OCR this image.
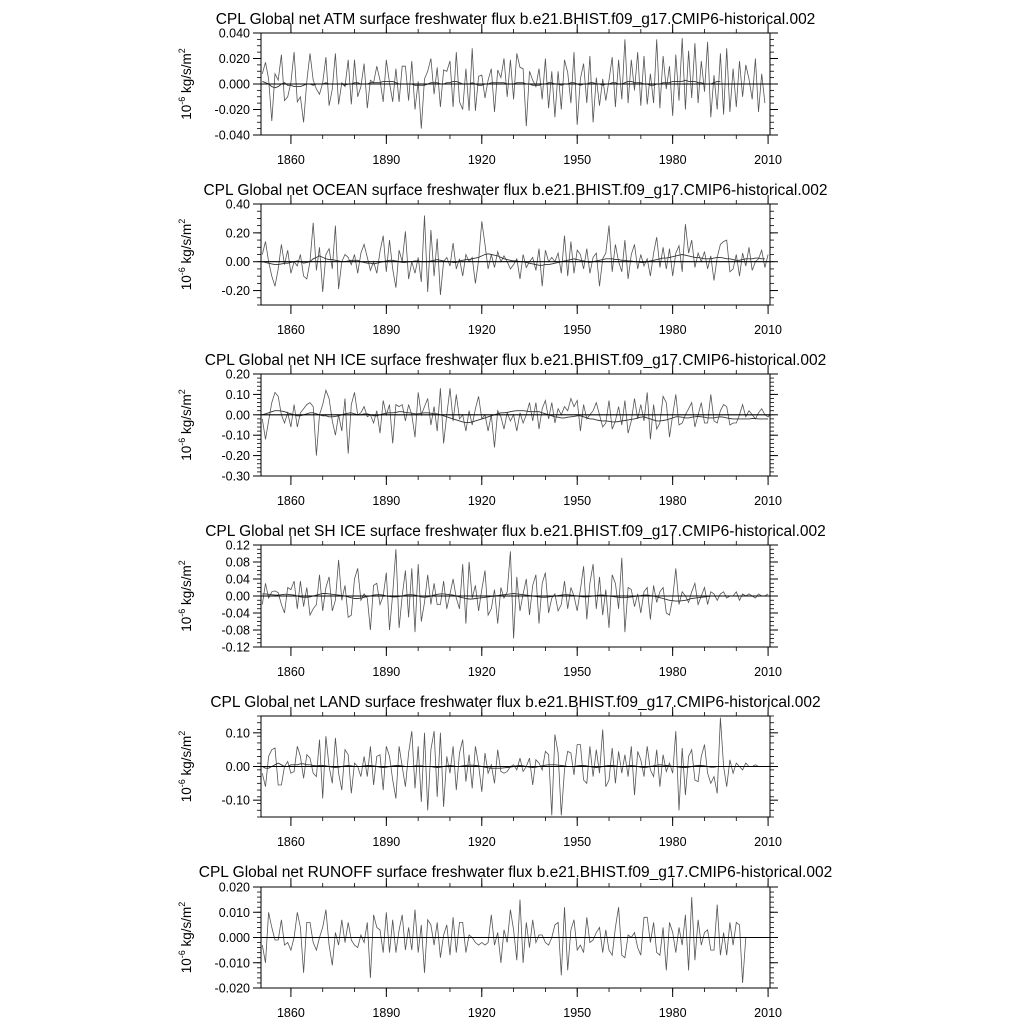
CPL Global net ATM surface freshwater flux b.e21.BHIST.f09_g17.CMIP6-historical.002
-0.040
-0.020
0.000
0.020
0.040
1860	1890	1920	1950	1980	2010
$10^{-6}$ $kg/s/m^2$
CPL Global net OCEAN surface freshwater flux b.e21.BHIST.f09_g17.CMIP6-historical.002
-0.20
0.00
0.20
0.40
1860	1890	1920	1950	1980	2010
$10^{-6}$ $kg/s/m^2$
CPL Global net NH ICE surface freshwater flux b.e21.BHIST.f09_g17.CMIP6-historical.002
-0.30
-0.20
-0.10
0.00
0.10
0.20
1860	1890	1920	1950	1980	2010
$10^{-6}$ $kg/s/m^2$
CPL Global net SH ICE surface freshwater flux b.e21.BHIST.f09_g17.CMIP6-historical.002
-0.12
-0.08
-0.04
0.00
0.04
0.08
0.12
1860	1890	1920	1950	1980	2010
$10^{-6}$ $kg/s/m^2$
CPL Global net LAND surface freshwater flux b.e21.BHIST.f09_g17.CMIP6-historical.002
-0.10
0.00
0.10
1860	1890	1920	1950	1980	2010
$10^{-6}$ $kg/s/m^2$
CPL Global net RUNOFF surface freshwater flux b.e21.BHIST.f09_g17.CMIP6-historical.002
-0.020
-0.010
0.000
0.010
0.020
1860	1890	1920	1950	1980	2010
$10^{-6}$ $kg/s/m^2$
